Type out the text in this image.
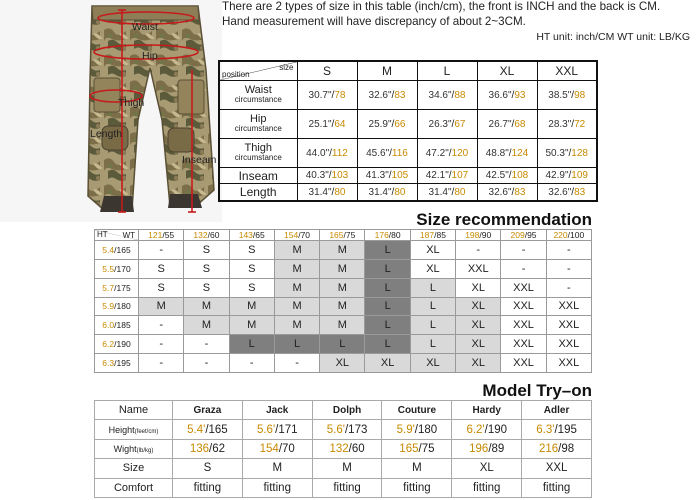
Waist
Hip
Thigh
Length
Inseam
There are 2 types of size in this table (inch/cm), the front is INCH and the back is CM.
Hand measurement will have discrepancy of about 2~3CM.
HT unit: inch/CM WT unit: LB/KG
size
position	S	M	L	XL	XXL

Waist
circumstance	30.7"/78	32.6"/83	34.6"/88	36.6"/93	38.5"/98

Hip
circumstance	25.1"/64	25.9"/66	26.3"/67	26.7"/68	28.3"/72

Thigh
circumstance	44.0"/112	45.6"/116	47.2"/120	48.8"/124	50.3"/128

Inseam	40.3"/103	41.3"/105	42.1"/107	42.5"/108	42.9"/109

Length	31.4"/80	31.4"/80	31.4"/80	32.6"/83	32.6"/83
Size recommendation
WT
HT	121/55	132/60	143/65	154/70	165/75	176/80	187/85	198/90	209/95	220/100
5.4/165	-	S	S	M	M	L	XL	-	-	-
5.5/170	S	S	S	M	M	L	XL	XXL	-	-
5.7/175	S	S	S	M	M	L	L	XL	XXL	-
5.9/180	M	M	M	M	M	L	L	XL	XXL	XXL
6.0/185	-	M	M	M	M	L	L	XL	XXL	XXL
6.2/190	-	-	L	L	L	L	L	XL	XXL	XXL
6.3/195	-	-	-	-	XL	XL	XL	XL	XXL	XXL
Model Try–on
Name	Graza	Jack	Dolph	Couture	Hardy	Adler
Height(feet/cm)	5.4'/165	5.6'/171	5.6'/173	5.9'/180	6.2'/190	6.3'/195
Wight(lb/kg)	136/62	154/70	132/60	165/75	196/89	216/98
Size	S	M	M	M	XL	XXL
Comfort	fitting	fitting	fitting	fitting	fitting	fitting
